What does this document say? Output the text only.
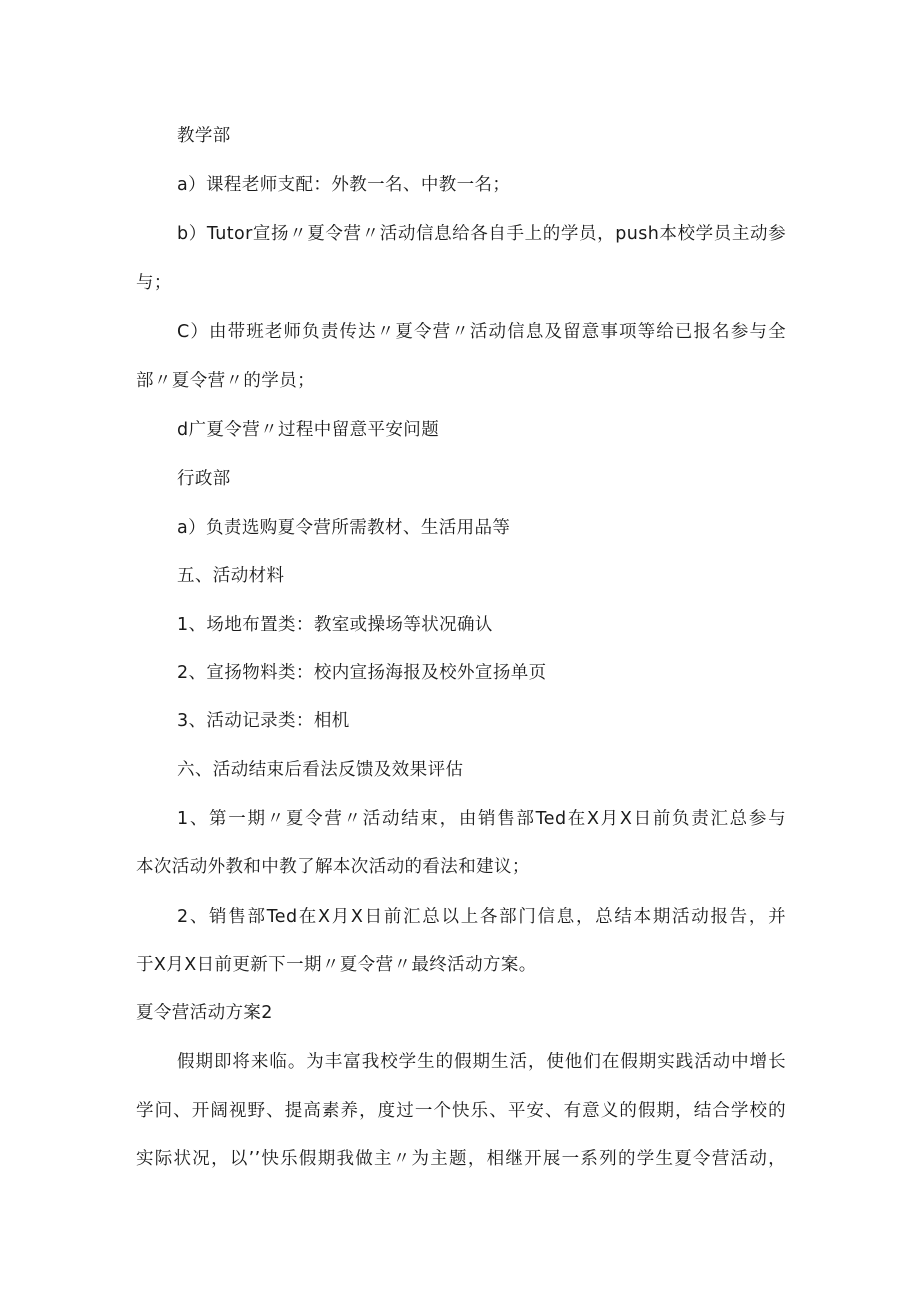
教学部
a）课程老师支配：外教一名、中教一名；
b）Tutor宣扬〃夏令营〃活动信息给各自手上的学员，push本校学员主动参
与；
C）由带班老师负责传达〃夏令营〃活动信息及留意事项等给已报名参与全
部〃夏令营〃的学员；
d广夏令营〃过程中留意平安问题
行政部
a）负责选购夏令营所需教材、生活用品等
五、活动材料
1、场地布置类：教室或操场等状况确认
2、宣扬物料类：校内宣扬海报及校外宣扬单页
3、活动记录类：相机
六、活动结束后看法反馈及效果评估
1、第一期〃夏令营〃活动结束，由销售部Ted在X月X日前负责汇总参与
本次活动外教和中教了解本次活动的看法和建议；
2、销售部Ted在X月X日前汇总以上各部门信息，总结本期活动报告，并
于X月X日前更新下一期〃夏令营〃最终活动方案。
夏令营活动方案2
假期即将来临。为丰富我校学生的假期生活，使他们在假期实践活动中增长
学问、开阔视野、提高素养，度过一个快乐、平安、有意义的假期，结合学校的
实际状况，以’’快乐假期我做主〃为主题，相继开展一系列的学生夏令营活动，
